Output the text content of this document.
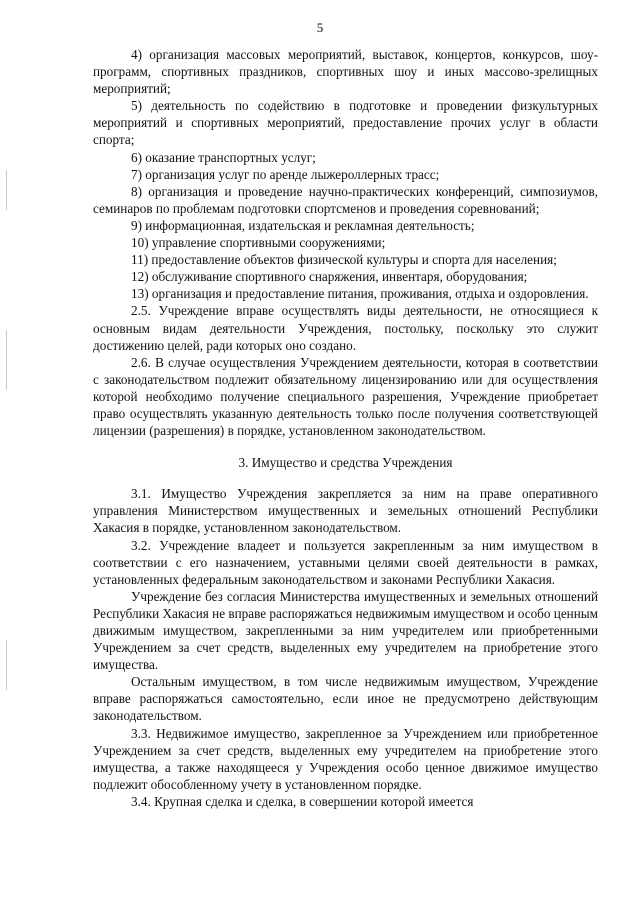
5

4) организация массовых мероприятий, выставок, концертов, конкурсов, шоу-программ, спортивных праздников, спортивных шоу и иных массово-зрелищных мероприятий;

5) деятельность по содействию в подготовке и проведении физкультурных мероприятий и спортивных мероприятий, предоставление прочих услуг в области спорта;

6) оказание транспортных услуг;

7) организация услуг по аренде лыжероллерных трасс;

8) организация и проведение научно-практических конференций, симпозиумов, семинаров по проблемам подготовки спортсменов и проведения соревнований;

9) информационная, издательская и рекламная деятельность;

10) управление спортивными сооружениями;

11) предоставление объектов физической культуры и спорта для населения;

12) обслуживание спортивного снаряжения, инвентаря, оборудования;

13) организация и предоставление питания, проживания, отдыха и оздоровления.

2.5. Учреждение вправе осуществлять виды деятельности, не относящиеся к основным видам деятельности Учреждения, постольку, поскольку это служит достижению целей, ради которых оно создано.

2.6. В случае осуществления Учреждением деятельности, которая в соответствии с законодательством подлежит обязательному лицензированию или для осуществления которой необходимо получение специального разрешения, Учреждение приобретает право осуществлять указанную деятельность только после получения соответствующей лицензии (разрешения) в порядке, установленном законодательством.

3. Имущество и средства Учреждения

3.1. Имущество Учреждения закрепляется за ним на праве оперативного управления Министерством имущественных и земельных отношений Республики Хакасия в порядке, установленном законодательством.

3.2. Учреждение владеет и пользуется закрепленным за ним имуществом в соответствии с его назначением, уставными целями своей деятельности в рамках, установленных федеральным законодательством и законами Республики Хакасия.

Учреждение без согласия Министерства имущественных и земельных отношений Республики Хакасия не вправе распоряжаться недвижимым имуществом и особо ценным движимым имуществом, закрепленными за ним учредителем или приобретенными Учреждением за счет средств, выделенных ему учредителем на приобретение этого имущества.

Остальным имуществом, в том числе недвижимым имуществом, Учреждение вправе распоряжаться самостоятельно, если иное не предусмотрено действующим законодательством.

3.3. Недвижимое имущество, закрепленное за Учреждением или приобретенное Учреждением за счет средств, выделенных ему учредителем на приобретение этого имущества, а также находящееся у Учреждения особо ценное движимое имущество подлежит обособленному учету в установленном порядке.

3.4. Крупная сделка и сделка, в совершении которой имеется
